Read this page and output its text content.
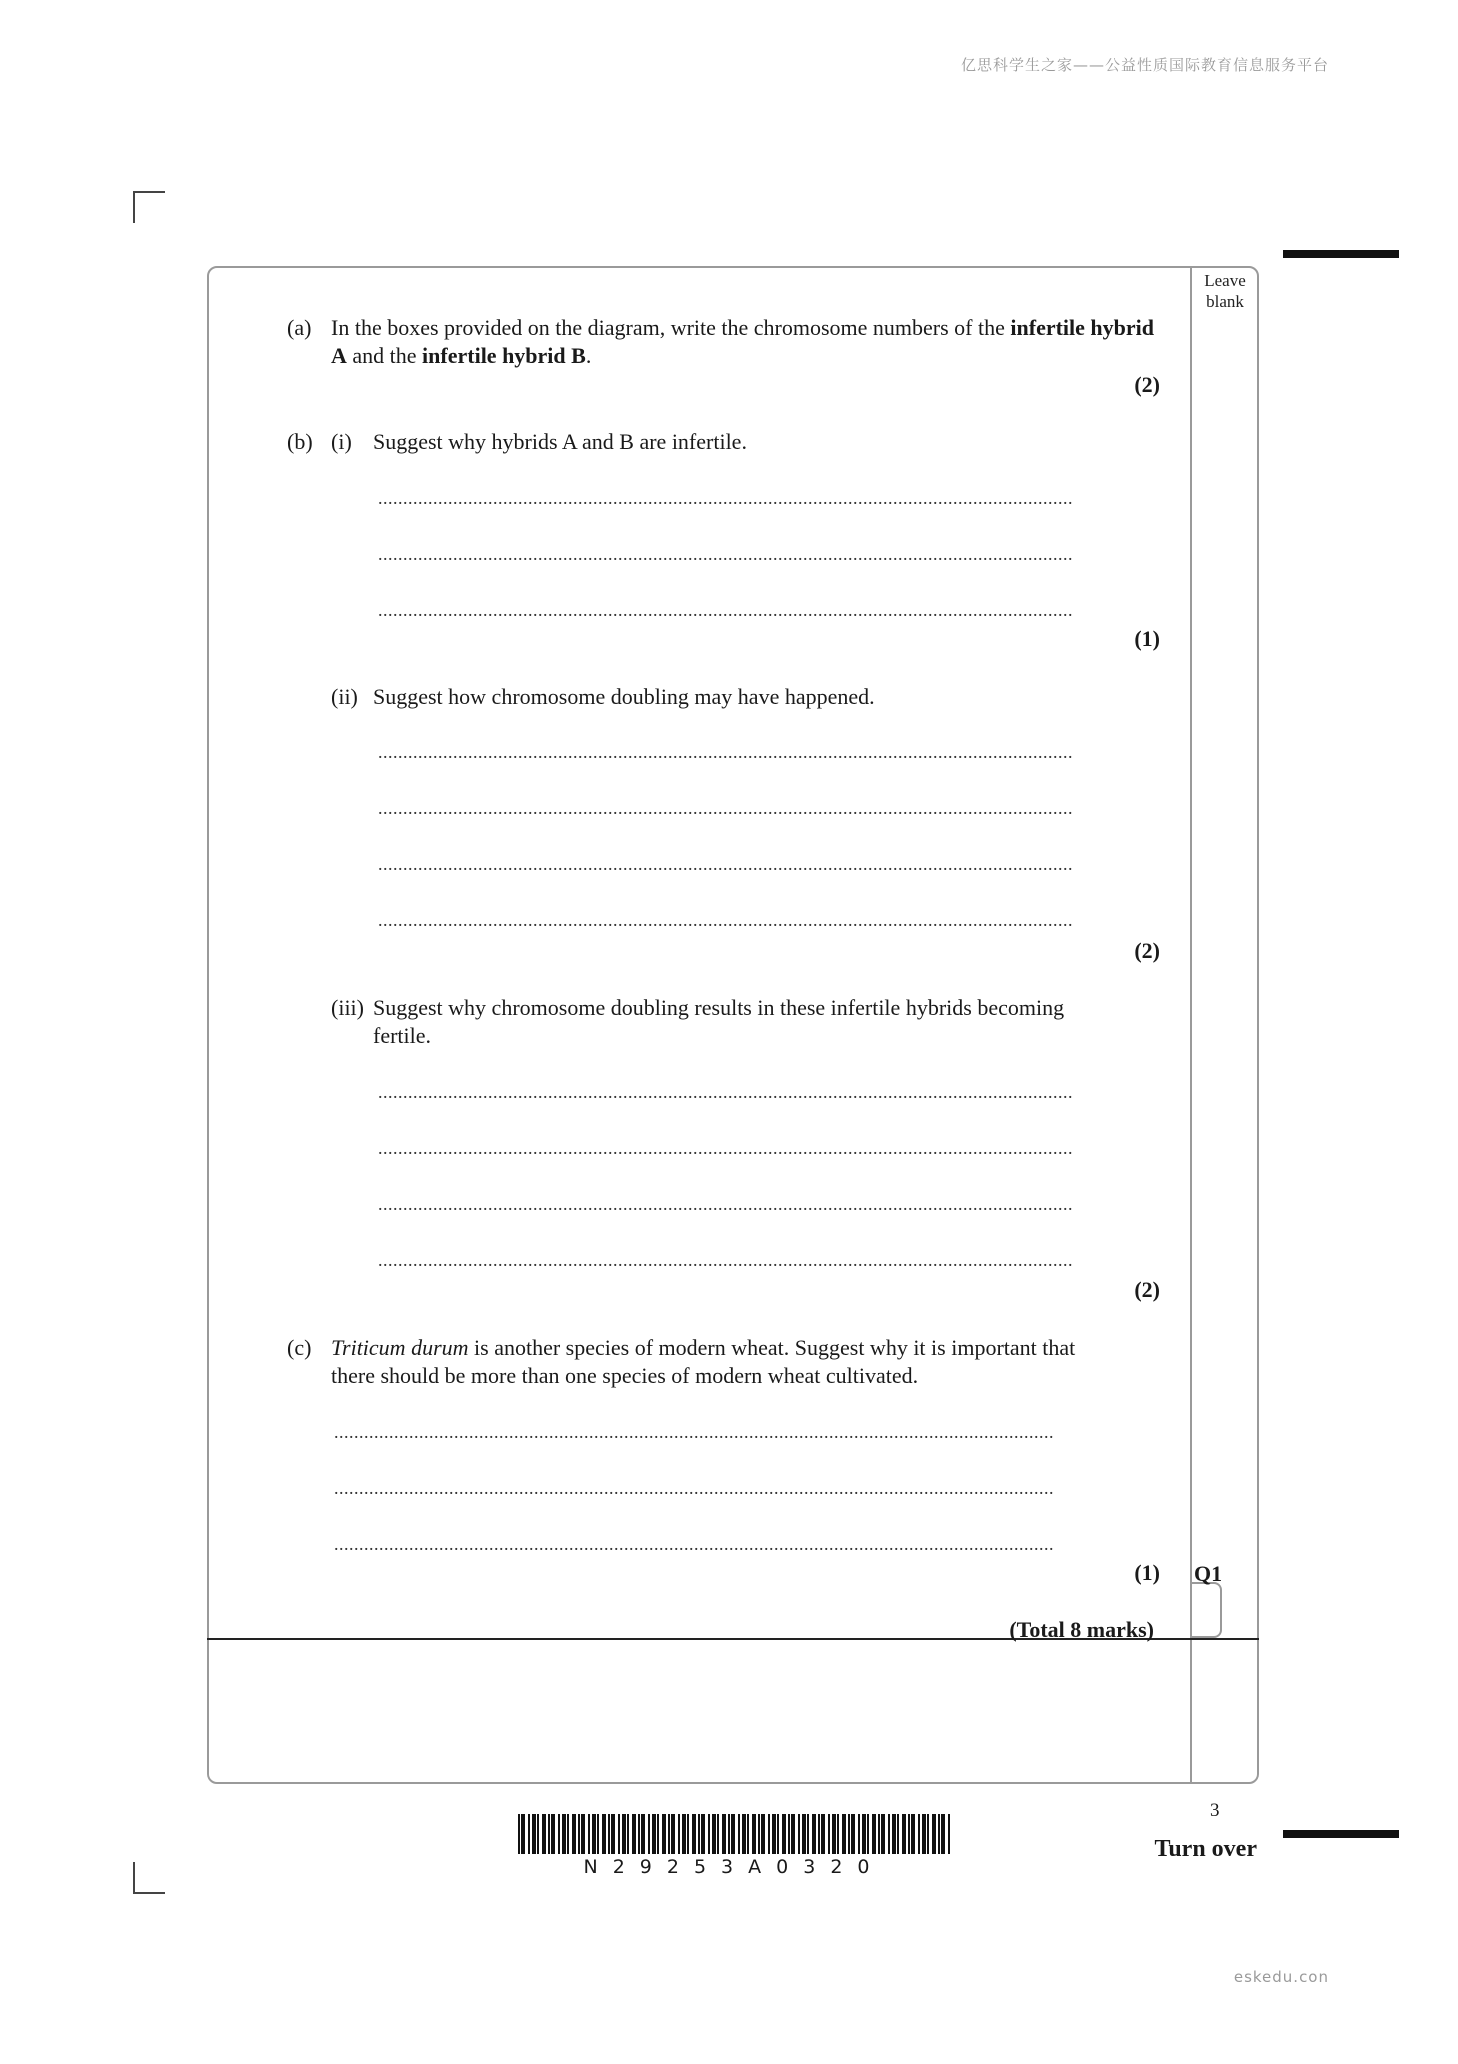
亿思科学生之家——公益性质国际教育信息服务平台
eskedu.con
Leave blank
(a) In the boxes provided on the diagram, write the chromosome numbers of the infertile hybrid A and the infertile hybrid B.
(2)
(b) (i) Suggest why hybrids A and B are infertile.
...........................................................................................................................................
...........................................................................................................................................
...........................................................................................................................................
(1)
(ii) Suggest how chromosome doubling may have happened.
...........................................................................................................................................
...........................................................................................................................................
...........................................................................................................................................
...........................................................................................................................................
(2)
(iii) Suggest why chromosome doubling results in these infertile hybrids becoming
fertile.
...........................................................................................................................................
...........................................................................................................................................
...........................................................................................................................................
...........................................................................................................................................
(2)
(c) Triticum durum is another species of modern wheat. Suggest why it is important that
there should be more than one species of modern wheat cultivated.
................................................................................................................................................
................................................................................................................................................
................................................................................................................................................
(1) Q1
(Total 8 marks)
N29253A0320
3
Turn over
